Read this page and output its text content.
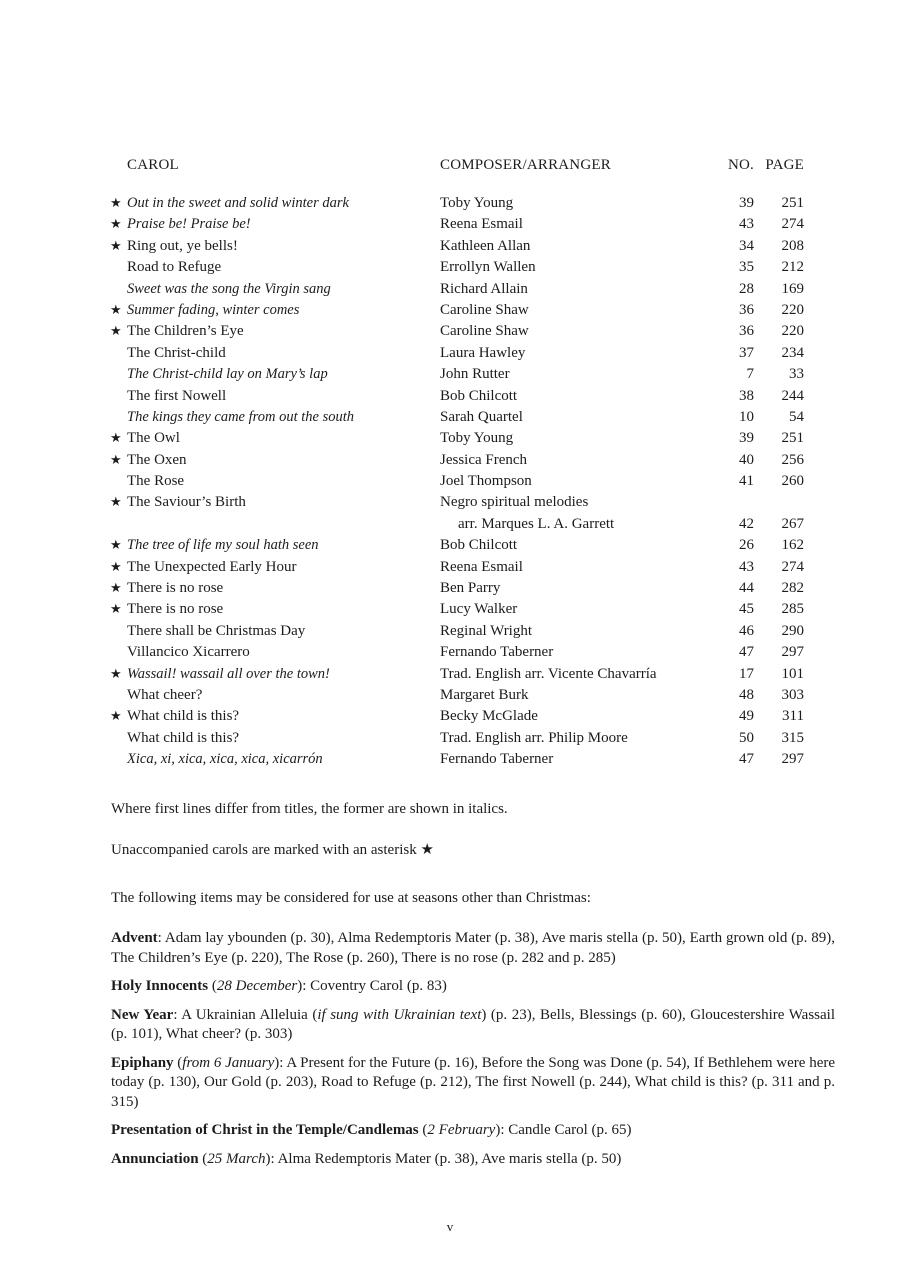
CAROL	COMPOSER/ARRANGER	NO. PAGE
★ Out in the sweet and solid winter dark	Toby Young	39	251
★ Praise be! Praise be!	Reena Esmail	43	274
★ Ring out, ye bells!	Kathleen Allan	34	208
Road to Refuge	Errollyn Wallen	35	212
Sweet was the song the Virgin sang	Richard Allain	28	169
★ Summer fading, winter comes	Caroline Shaw	36	220
★ The Children’s Eye	Caroline Shaw	36	220
The Christ-child	Laura Hawley	37	234
The Christ-child lay on Mary’s lap	John Rutter	7	33
The first Nowell	Bob Chilcott	38	244
The kings they came from out the south	Sarah Quartel	10	54
★ The Owl	Toby Young	39	251
★ The Oxen	Jessica French	40	256
The Rose	Joel Thompson	41	260
★ The Saviour’s Birth	Negro spiritual melodies
arr. Marques L. A. Garrett	42	267
★ The tree of life my soul hath seen	Bob Chilcott	26	162
★ The Unexpected Early Hour	Reena Esmail	43	274
★ There is no rose	Ben Parry	44	282
★ There is no rose	Lucy Walker	45	285
There shall be Christmas Day	Reginal Wright	46	290
Villancico Xicarrero	Fernando Taberner	47	297
★ Wassail! wassail all over the town!	Trad. English arr. Vicente Chavarría	17	101
What cheer?	Margaret Burk	48	303
★ What child is this?	Becky McGlade	49	311
What child is this?	Trad. English arr. Philip Moore	50	315
Xica, xi, xica, xica, xica, xicarrón	Fernando Taberner	47	297
Where first lines differ from titles, the former are shown in italics.
Unaccompanied carols are marked with an asterisk ★
The following items may be considered for use at seasons other than Christmas:

Advent: Adam lay ybounden (p. 30), Alma Redemptoris Mater (p. 38), Ave maris stella (p. 50), Earth grown old (p. 89), The Children’s Eye (p. 220), The Rose (p. 260), There is no rose (p. 282 and p. 285)

Holy Innocents (28 December): Coventry Carol (p. 83)

New Year: A Ukrainian Alleluia (if sung with Ukrainian text) (p. 23), Bells, Blessings (p. 60), Gloucestershire Wassail (p. 101), What cheer? (p. 303)

Epiphany (from 6 January): A Present for the Future (p. 16), Before the Song was Done (p. 54), If Bethlehem were here today (p. 130), Our Gold (p. 203), Road to Refuge (p. 212), The first Nowell (p. 244), What child is this? (p. 311 and p. 315)

Presentation of Christ in the Temple/Candlemas (2 February): Candle Carol (p. 65)

Annunciation (25 March): Alma Redemptoris Mater (p. 38), Ave maris stella (p. 50)

v
